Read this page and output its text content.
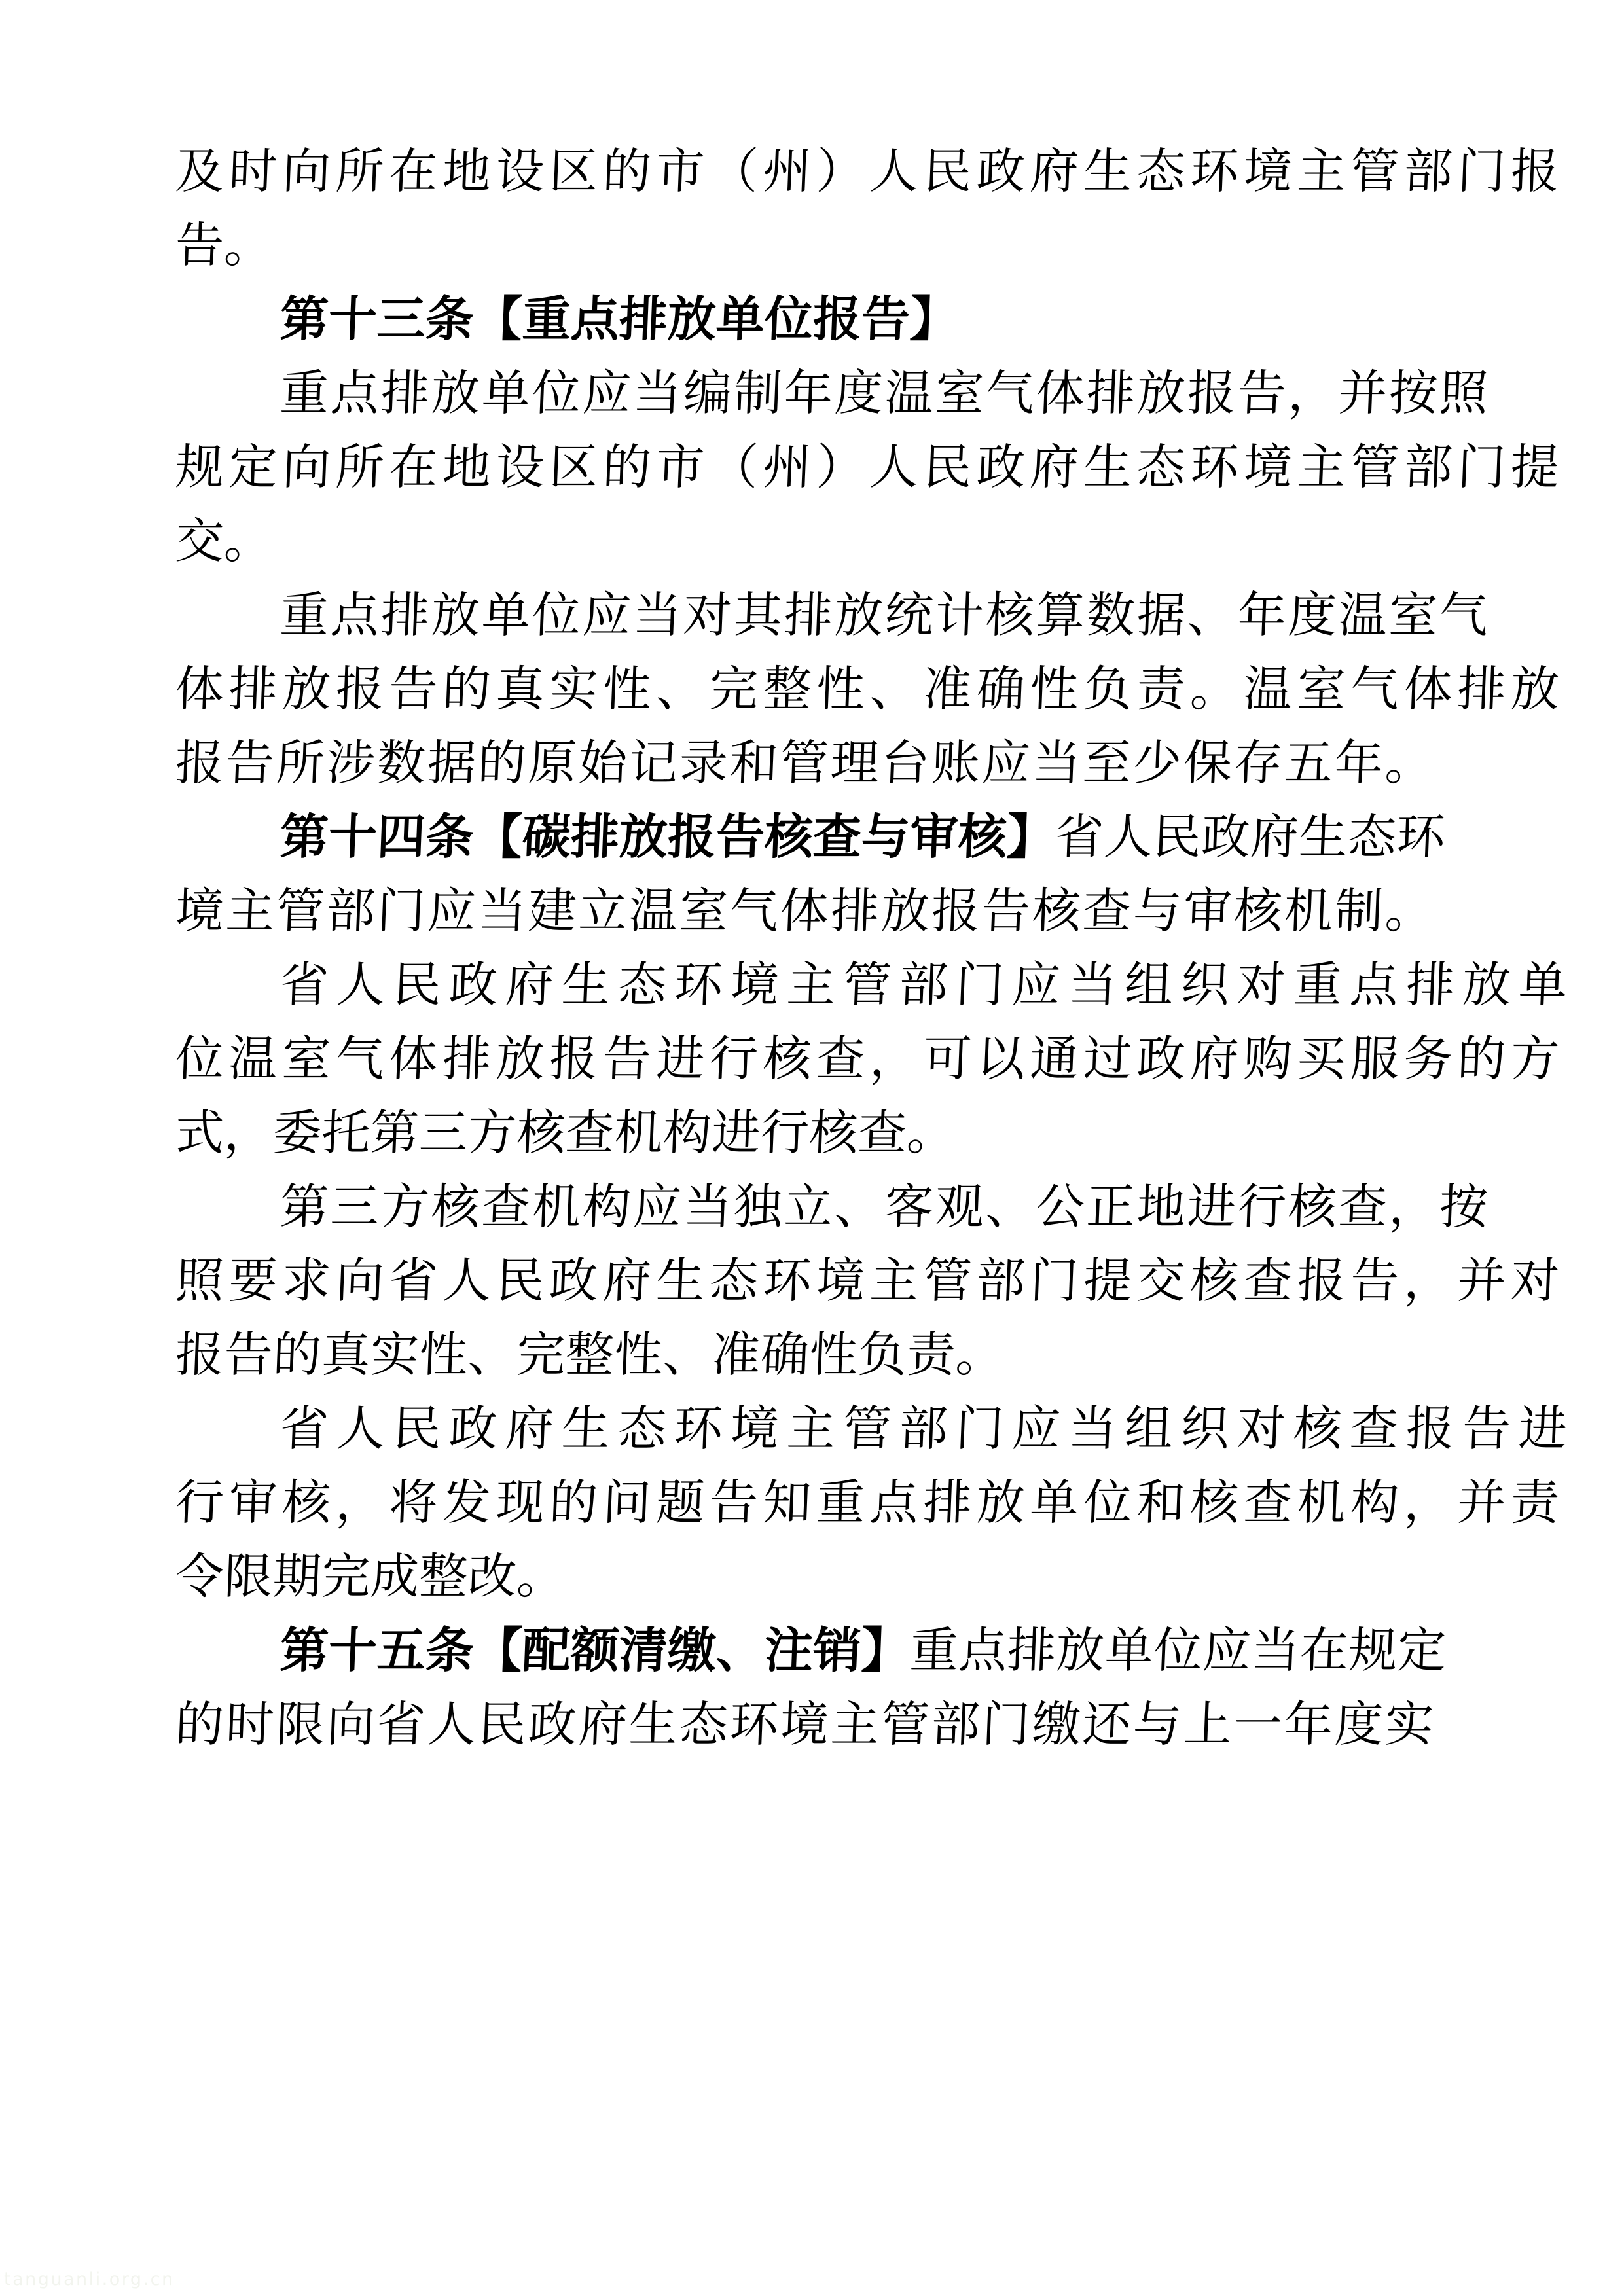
及时向所在地设区的市（州）人民政府生态环境主管部门报
告。
第十三条【重点排放单位报告】
重点排放单位应当编制年度温室气体排放报告，并按照
规定向所在地设区的市（州）人民政府生态环境主管部门提
交。
重点排放单位应当对其排放统计核算数据、年度温室气
体排放报告的真实性、完整性、准确性负责。温室气体排放
报告所涉数据的原始记录和管理台账应当至少保存五年。
第十四条【碳排放报告核查与审核】省人民政府生态环
境主管部门应当建立温室气体排放报告核查与审核机制。
省人民政府生态环境主管部门应当组织对重点排放单
位温室气体排放报告进行核查，可以通过政府购买服务的方
式，委托第三方核查机构进行核查。
第三方核查机构应当独立、客观、公正地进行核查，按
照要求向省人民政府生态环境主管部门提交核查报告，并对
报告的真实性、完整性、准确性负责。
省人民政府生态环境主管部门应当组织对核查报告进
行审核，将发现的问题告知重点排放单位和核查机构，并责
令限期完成整改。
第十五条【配额清缴、注销】重点排放单位应当在规定
的时限向省人民政府生态环境主管部门缴还与上一年度实
tanguanli.org.cn
